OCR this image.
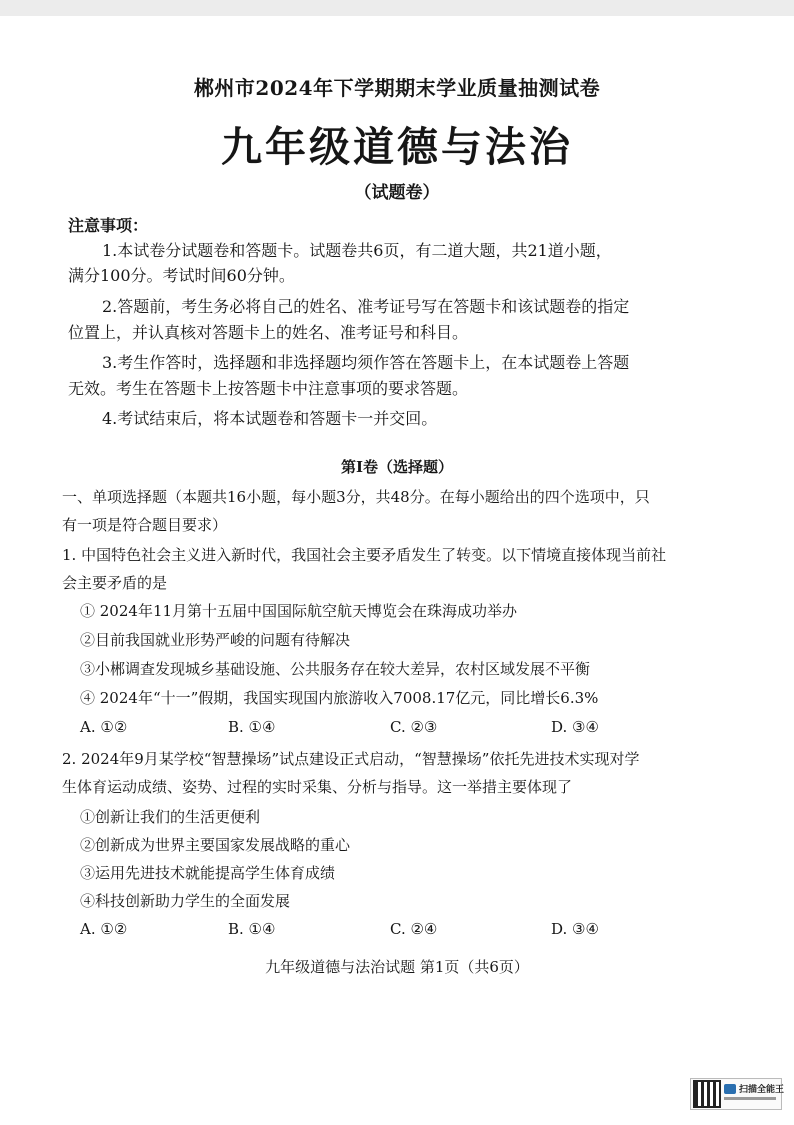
郴州市2024年下学期期末学业质量抽测试卷
九年级道德与法治
（试题卷）
注意事项：
1.本试卷分试题卷和答题卡。试题卷共6页，有二道大题，共21道小题，
满分100分。考试时间60分钟。
2.答题前，考生务必将自己的姓名、准考证号写在答题卡和该试题卷的指定
位置上，并认真核对答题卡上的姓名、准考证号和科目。
3.考生作答时，选择题和非选择题均须作答在答题卡上，在本试题卷上答题
无效。考生在答题卡上按答题卡中注意事项的要求答题。
4.考试结束后，将本试题卷和答题卡一并交回。
第Ⅰ卷（选择题）
一、单项选择题（本题共16小题，每小题3分，共48分。在每小题给出的四个选项中，只
有一项是符合题目要求）
1. 中国特色社会主义进入新时代，我国社会主要矛盾发生了转变。以下情境直接体现当前社
会主要矛盾的是
① 2024年11月第十五届中国国际航空航天博览会在珠海成功举办
②目前我国就业形势严峻的问题有待解决
③小郴调查发现城乡基础设施、公共服务存在较大差异，农村区域发展不平衡
④ 2024年“十一”假期，我国实现国内旅游收入7008.17亿元，同比增长6.3%
A. ①②	B. ①④	C. ②③	D. ③④
2. 2024年9月某学校“智慧操场”试点建设正式启动，“智慧操场”依托先进技术实现对学
生体育运动成绩、姿势、过程的实时采集、分析与指导。这一举措主要体现了
①创新让我们的生活更便利
②创新成为世界主要国家发展战略的重心
③运用先进技术就能提高学生体育成绩
④科技创新助力学生的全面发展
A. ①②	B. ①④	C. ②④	D. ③④
九年级道德与法治试题 第1页（共6页）
扫描全能王
